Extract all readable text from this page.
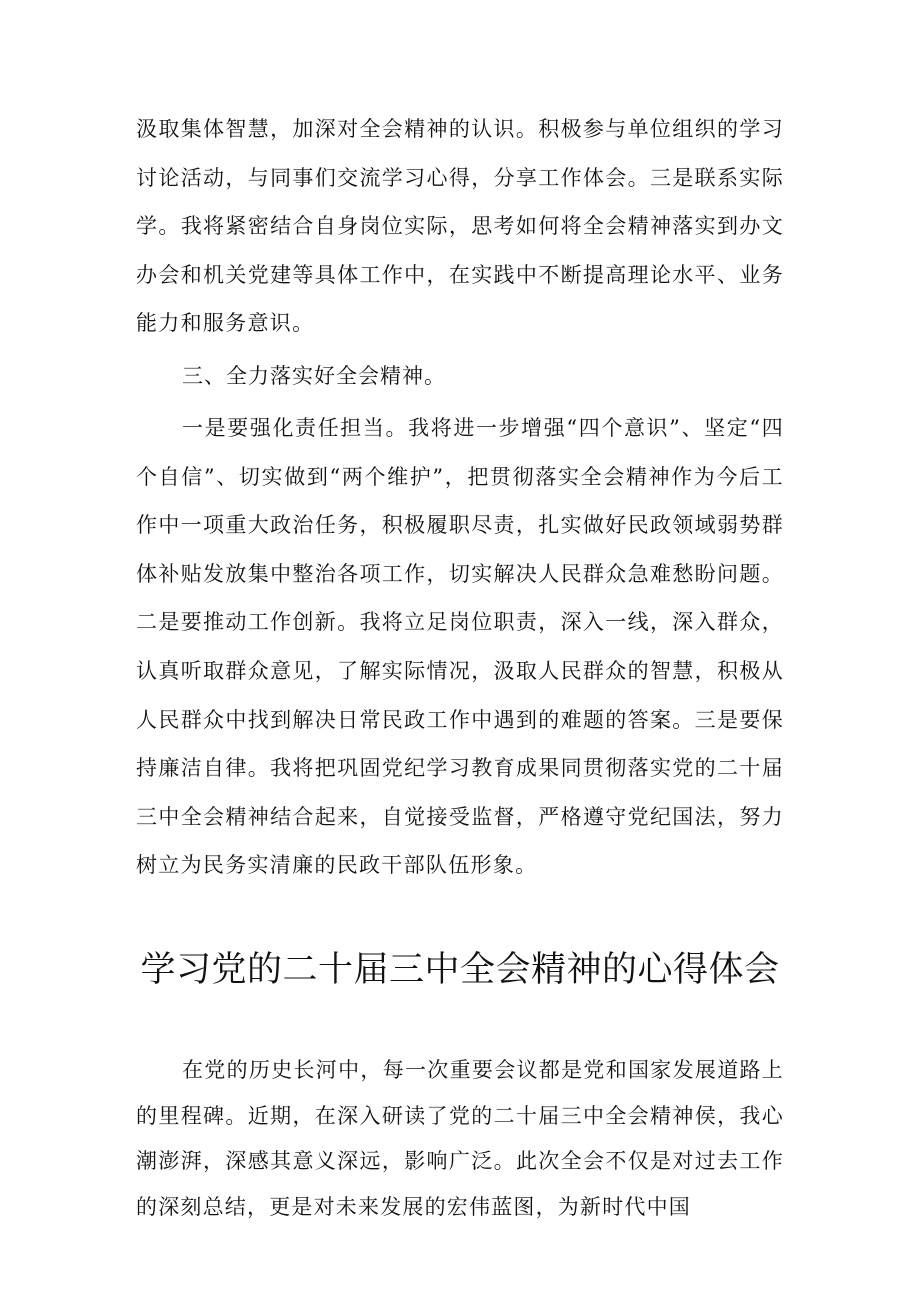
汲取集体智慧，加深对全会精神的认识。积极参与单位组织的学习讨论活动，与同事们交流学习心得，分享工作体会。三是联系实际学。我将紧密结合自身岗位实际，思考如何将全会精神落实到办文办会和机关党建等具体工作中，在实践中不断提高理论水平、业务能力和服务意识。

三、全力落实好全会精神。

一是要强化责任担当。我将进一步增强“四个意识”、坚定“四个自信”、切实做到“两个维护”，把贯彻落实全会精神作为今后工作中一项重大政治任务，积极履职尽责，扎实做好民政领域弱势群体补贴发放集中整治各项工作，切实解决人民群众急难愁盼问题。二是要推动工作创新。我将立足岗位职责，深入一线，深入群众，认真听取群众意见，了解实际情况，汲取人民群众的智慧，积极从人民群众中找到解决日常民政工作中遇到的难题的答案。三是要保持廉洁自律。我将把巩固党纪学习教育成果同贯彻落实党的二十届三中全会精神结合起来，自觉接受监督，严格遵守党纪国法，努力树立为民务实清廉的民政干部队伍形象。

学习党的二十届三中全会精神的心得体会

在党的历史长河中，每一次重要会议都是党和国家发展道路上的里程碑。近期，在深入研读了党的二十届三中全会精神侯，我心潮澎湃，深感其意义深远，影响广泛。此次全会不仅是对过去工作的深刻总结，更是对未来发展的宏伟蓝图，为新时代中国
